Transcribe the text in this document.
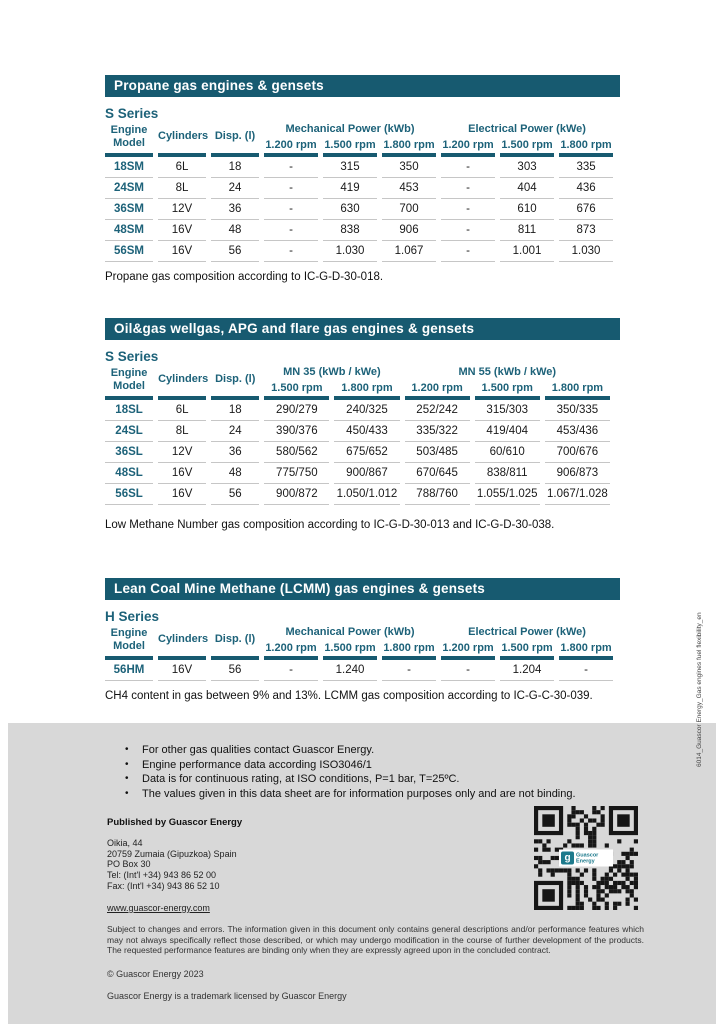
Propane gas engines & gensets
S Series
Engine Model	Cylinders	Disp. (l)	Mechanical Power (kWb)			Electrical Power (kWe)		
			1.200 rpm	1.500 rpm	1.800 rpm	1.200 rpm	1.500 rpm	1.800 rpm
18SM	6L	18	-	315	350	-	303	335
24SM	8L	24	-	419	453	-	404	436
36SM	12V	36	-	630	700	-	610	676
48SM	16V	48	-	838	906	-	811	873
56SM	16V	56	-	1.030	1.067	-	1.001	1.030
Propane gas composition according to IC-G-D-30-018.
Oil&gas wellgas, APG and flare gas engines & gensets
S Series
Engine Model	Cylinders	Disp. (l)	MN 35 (kWb / kWe)		MN 55 (kWb / kWe)		
			1.500 rpm	1.800 rpm	1.200 rpm	1.500 rpm	1.800 rpm
18SL	6L	18	290/279	240/325	252/242	315/303	350/335
24SL	8L	24	390/376	450/433	335/322	419/404	453/436
36SL	12V	36	580/562	675/652	503/485	60/610	700/676
48SL	16V	48	775/750	900/867	670/645	838/811	906/873
56SL	16V	56	900/872	1.050/1.012	788/760	1.055/1.025	1.067/1.028
Low Methane Number gas composition according to IC-G-D-30-013 and IC-G-D-30-038.
Lean Coal Mine Methane (LCMM) gas engines & gensets
H Series
Engine Model	Cylinders	Disp. (l)	Mechanical Power (kWb)			Electrical Power (kWe)		
			1.200 rpm	1.500 rpm	1.800 rpm	1.200 rpm	1.500 rpm	1.800 rpm
56HM	16V	56	-	1.240	-	-	1.204	-
CH4 content in gas between 9% and 13%. LCMM gas composition according to IC-G-C-30-039.
• For other gas qualities contact Guascor Energy.
• Engine performance data according ISO3046/1
• Data is for continuous rating, at ISO conditions, P=1 bar, T=25ºC.
• The values given in this data sheet are for information purposes only and are not binding.
Published by Guascor Energy
Oikia, 44
20759 Zumaia (Gipuzkoa) Spain
PO Box 30
Tel: (Int'l +34) 943 86 52 00
Fax: (Int'l +34) 943 86 52 10
www.guascor-energy.com
g Guascor
Energy
Subject to changes and errors. The information given in this document only contains general descriptions and/or performance features which may not always specifically reflect those described, or which may undergo modification in the course of further development of the products. The requested performance features are binding only when they are expressly agreed upon in the concluded contract.
© Guascor Energy 2023
Guascor Energy is a trademark licensed by Guascor Energy
6014_Guascor Energy_Gas engines fuel flexibility_en
